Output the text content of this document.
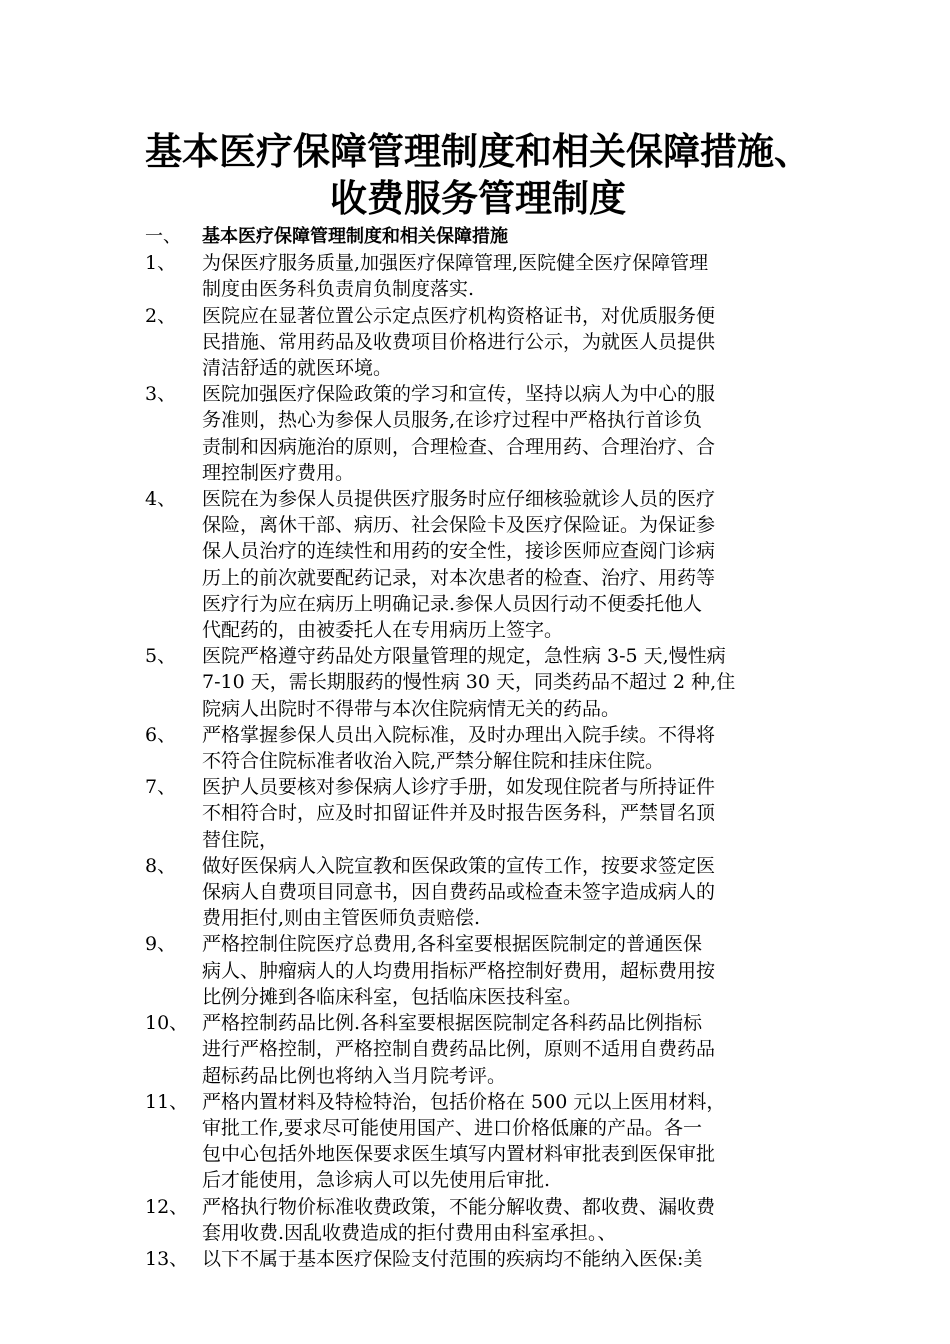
基本医疗保障管理制度和相关保障措施、
收费服务管理制度
一、 基本医疗保障管理制度和相关保障措施
1、 为保医疗服务质量,加强医疗保障管理,医院健全医疗保障管理
制度由医务科负责肩负制度落实.
2、 医院应在显著位置公示定点医疗机构资格证书，对优质服务便
民措施、常用药品及收费项目价格进行公示，为就医人员提供
清洁舒适的就医环境。
3、 医院加强医疗保险政策的学习和宣传，坚持以病人为中心的服
务准则，热心为参保人员服务,在诊疗过程中严格执行首诊负
责制和因病施治的原则，合理检查、合理用药、合理治疗、合
理控制医疗费用。
4、 医院在为参保人员提供医疗服务时应仔细核验就诊人员的医疗
保险，离休干部、病历、社会保险卡及医疗保险证。为保证参
保人员治疗的连续性和用药的安全性，接诊医师应查阅门诊病
历上的前次就要配药记录，对本次患者的检查、治疗、用药等
医疗行为应在病历上明确记录.参保人员因行动不便委托他人
代配药的，由被委托人在专用病历上签字。
5、 医院严格遵守药品处方限量管理的规定，急性病 3-5 天,慢性病
7-10 天，需长期服药的慢性病 30 天，同类药品不超过 2 种,住
院病人出院时不得带与本次住院病情无关的药品。
6、 严格掌握参保人员出入院标准，及时办理出入院手续。不得将
不符合住院标准者收治入院,严禁分解住院和挂床住院。
7、 医护人员要核对参保病人诊疗手册，如发现住院者与所持证件
不相符合时，应及时扣留证件并及时报告医务科，严禁冒名顶
替住院，
8、 做好医保病人入院宣教和医保政策的宣传工作，按要求签定医
保病人自费项目同意书，因自费药品或检查未签字造成病人的
费用拒付,则由主管医师负责赔偿.
9、 严格控制住院医疗总费用,各科室要根据医院制定的普通医保
病人、肿瘤病人的人均费用指标严格控制好费用，超标费用按
比例分摊到各临床科室，包括临床医技科室。
10、 严格控制药品比例.各科室要根据医院制定各科药品比例指标
进行严格控制，严格控制自费药品比例，原则不适用自费药品
超标药品比例也将纳入当月院考评。
11、 严格内置材料及特检特治，包括价格在 500 元以上医用材料，
审批工作,要求尽可能使用国产、进口价格低廉的产品。各一
包中心包括外地医保要求医生填写内置材料审批表到医保审批
后才能使用，急诊病人可以先使用后审批.
12、 严格执行物价标准收费政策，不能分解收费、都收费、漏收费
套用收费.因乱收费造成的拒付费用由科室承担。、
13、 以下不属于基本医疗保险支付范围的疾病均不能纳入医保:美
